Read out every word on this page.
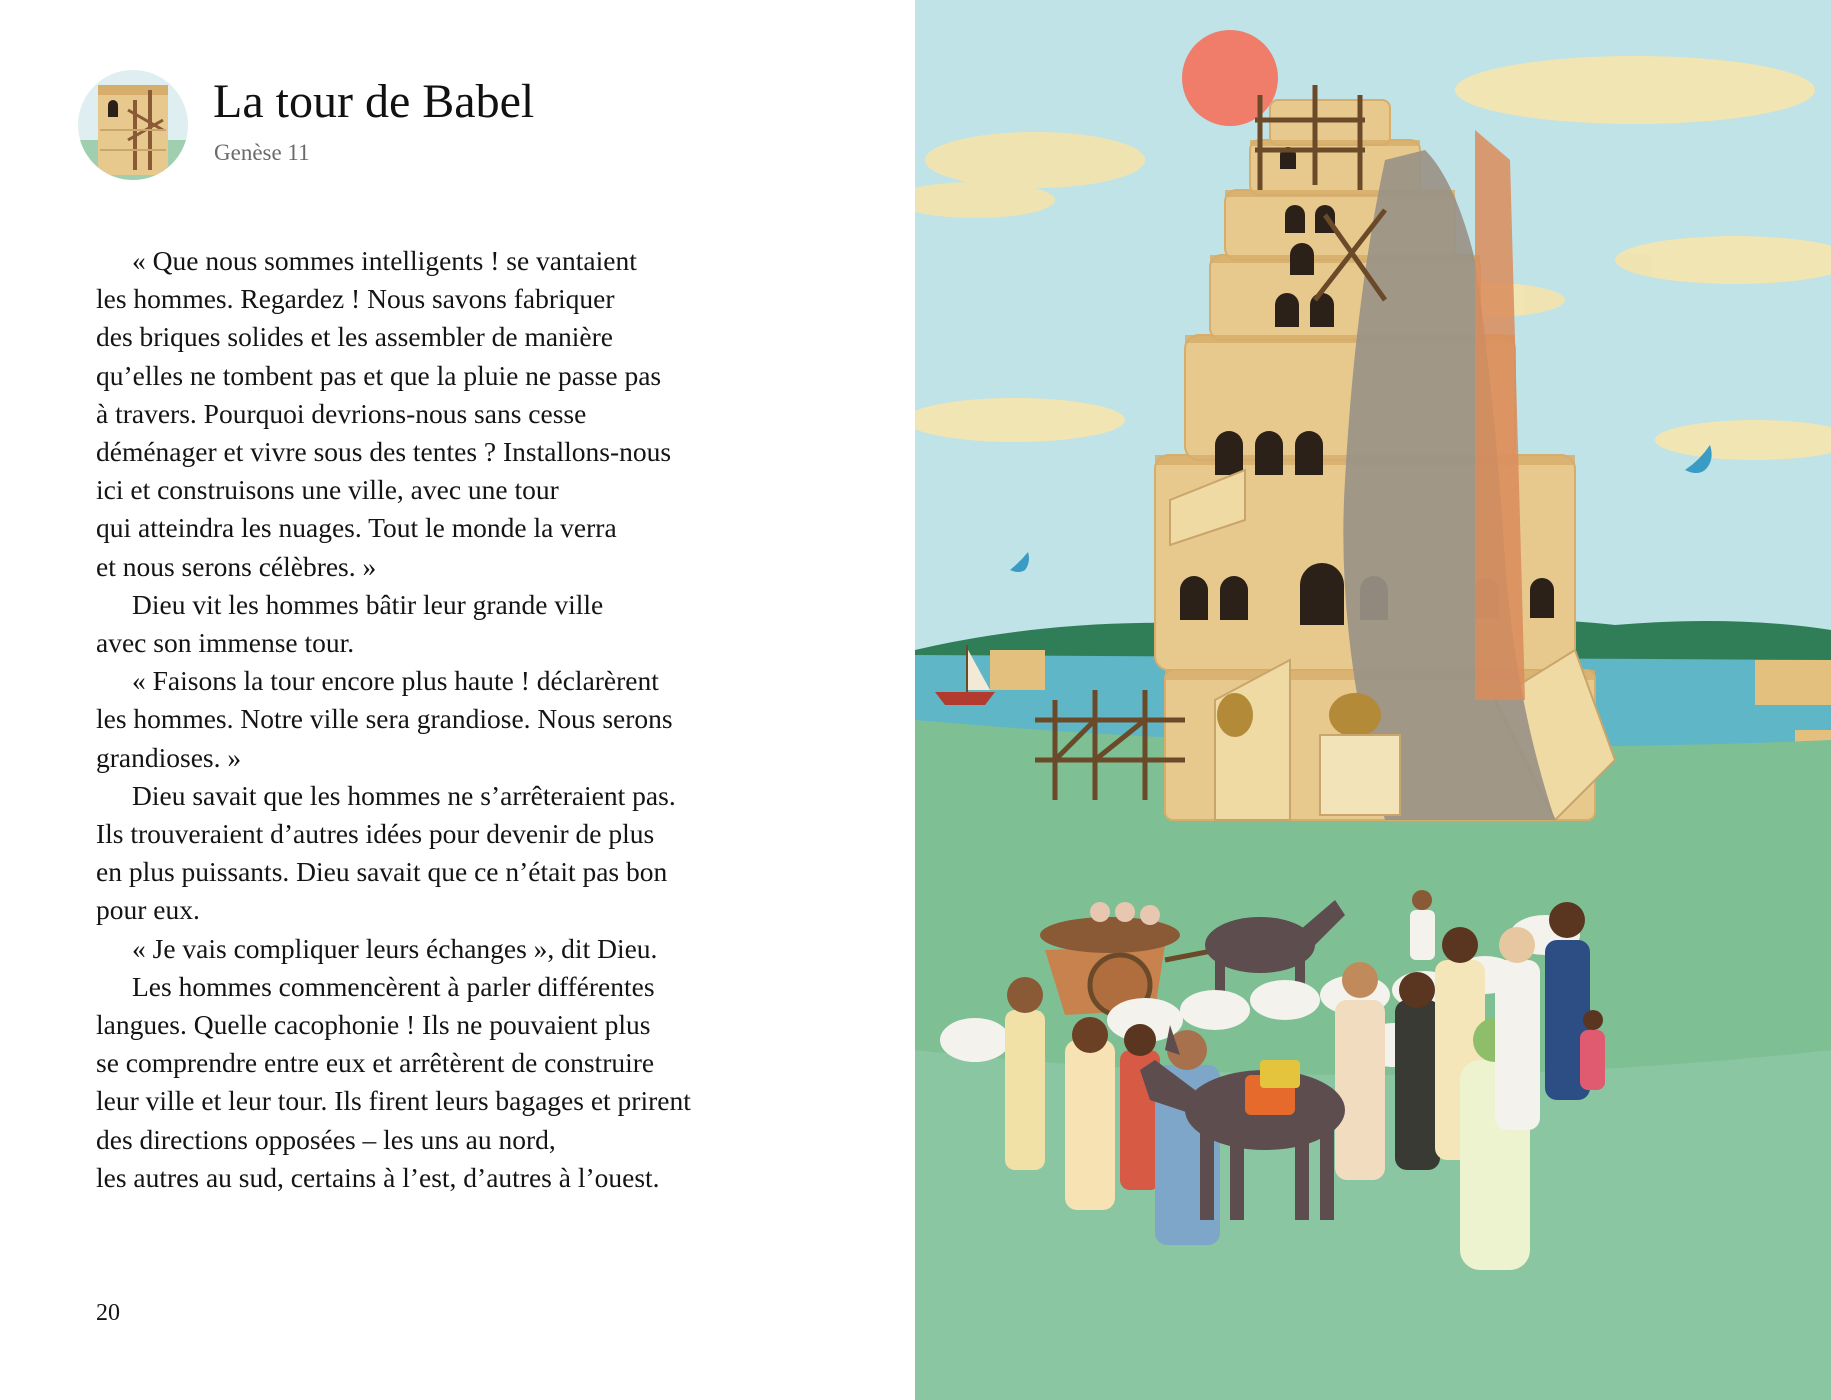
La tour de Babel
Genèse 11
« Que nous sommes intelligents ! se vantaient
les hommes. Regardez ! Nous savons fabriquer
des briques solides et les assembler de manière
qu’elles ne tombent pas et que la pluie ne passe pas
à travers. Pourquoi devrions-nous sans cesse
déménager et vivre sous des tentes ? Installons-nous
ici et construisons une ville, avec une tour
qui atteindra les nuages. Tout le monde la verra
et nous serons célèbres. »
Dieu vit les hommes bâtir leur grande ville
avec son immense tour.
« Faisons la tour encore plus haute ! déclarèrent
les hommes. Notre ville sera grandiose. Nous serons
grandioses. »
Dieu savait que les hommes ne s’arrêteraient pas.
Ils trouveraient d’autres idées pour devenir de plus
en plus puissants. Dieu savait que ce n’était pas bon
pour eux.
« Je vais compliquer leurs échanges », dit Dieu.
Les hommes commencèrent à parler différentes
langues. Quelle cacophonie ! Ils ne pouvaient plus
se comprendre entre eux et arrêtèrent de construire
leur ville et leur tour. Ils firent leurs bagages et prirent
des directions opposées – les uns au nord,
les autres au sud, certains à l’est, d’autres à l’ouest.
20
